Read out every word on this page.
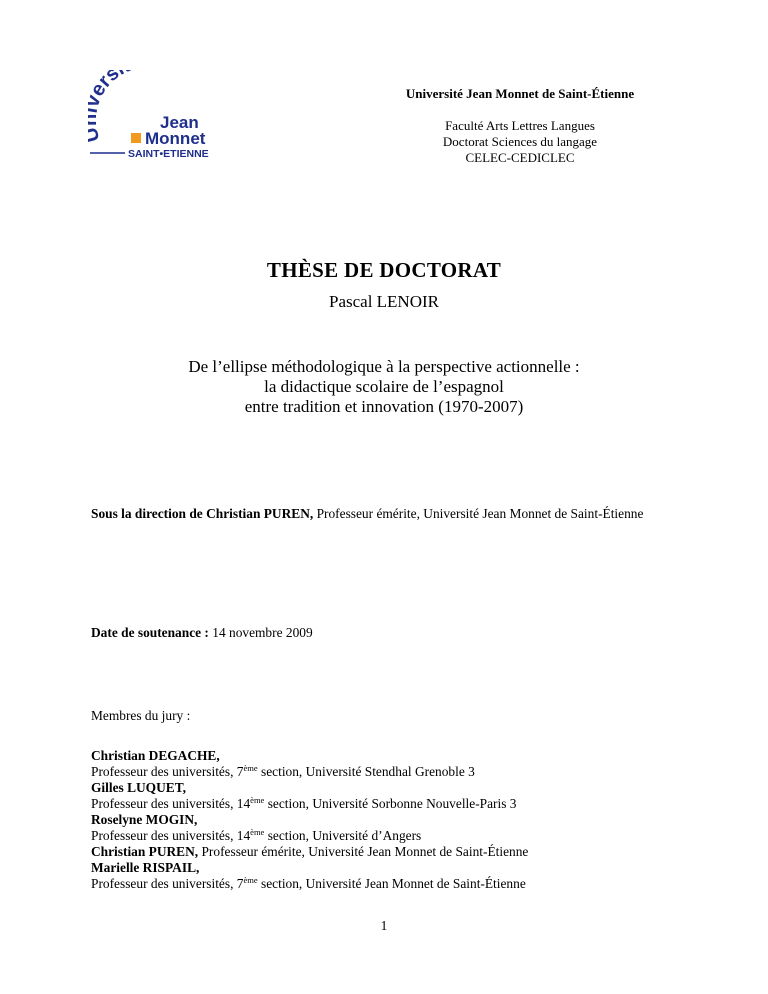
ers
Jean
Monnet
SAINT•ETIENNE
Université Jean Monnet de Saint-Étienne
Faculté Arts Lettres Langues
Doctorat Sciences du langage
CELEC-CEDICLEC
THÈSE DE DOCTORAT
Pascal LENOIR
De l’ellipse méthodologique à la perspective actionnelle :
la didactique scolaire de l’espagnol
entre tradition et innovation (1970-2007)
Sous la direction de Christian PUREN, Professeur émérite, Université Jean Monnet de Saint-Étienne
Date de soutenance : 14 novembre 2009
Membres du jury :
Christian DEGACHE,
Professeur des universités, 7ème section, Université Stendhal Grenoble 3
Gilles LUQUET,
Professeur des universités, 14ème section, Université Sorbonne Nouvelle-Paris 3
Roselyne MOGIN,
Professeur des universités, 14ème section, Université d’Angers
Christian PUREN, Professeur émérite, Université Jean Monnet de Saint-Étienne
Marielle RISPAIL,
Professeur des universités, 7ème section, Université Jean Monnet de Saint-Étienne
1
